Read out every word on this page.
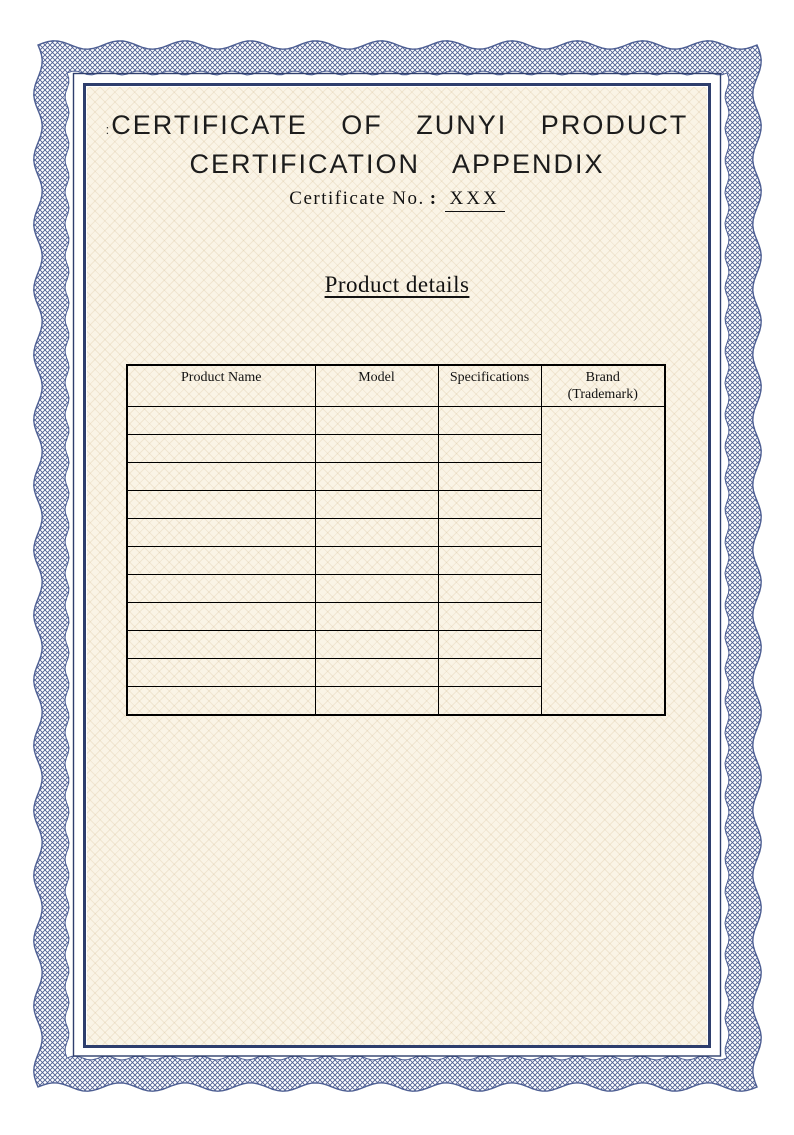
:CERTIFICATE OF ZUNYI PRODUCT
CERTIFICATION APPENDIX
Certificate No. : XXX
Product details
Product Name	Model	Specifications	Brand
(Trademark)
